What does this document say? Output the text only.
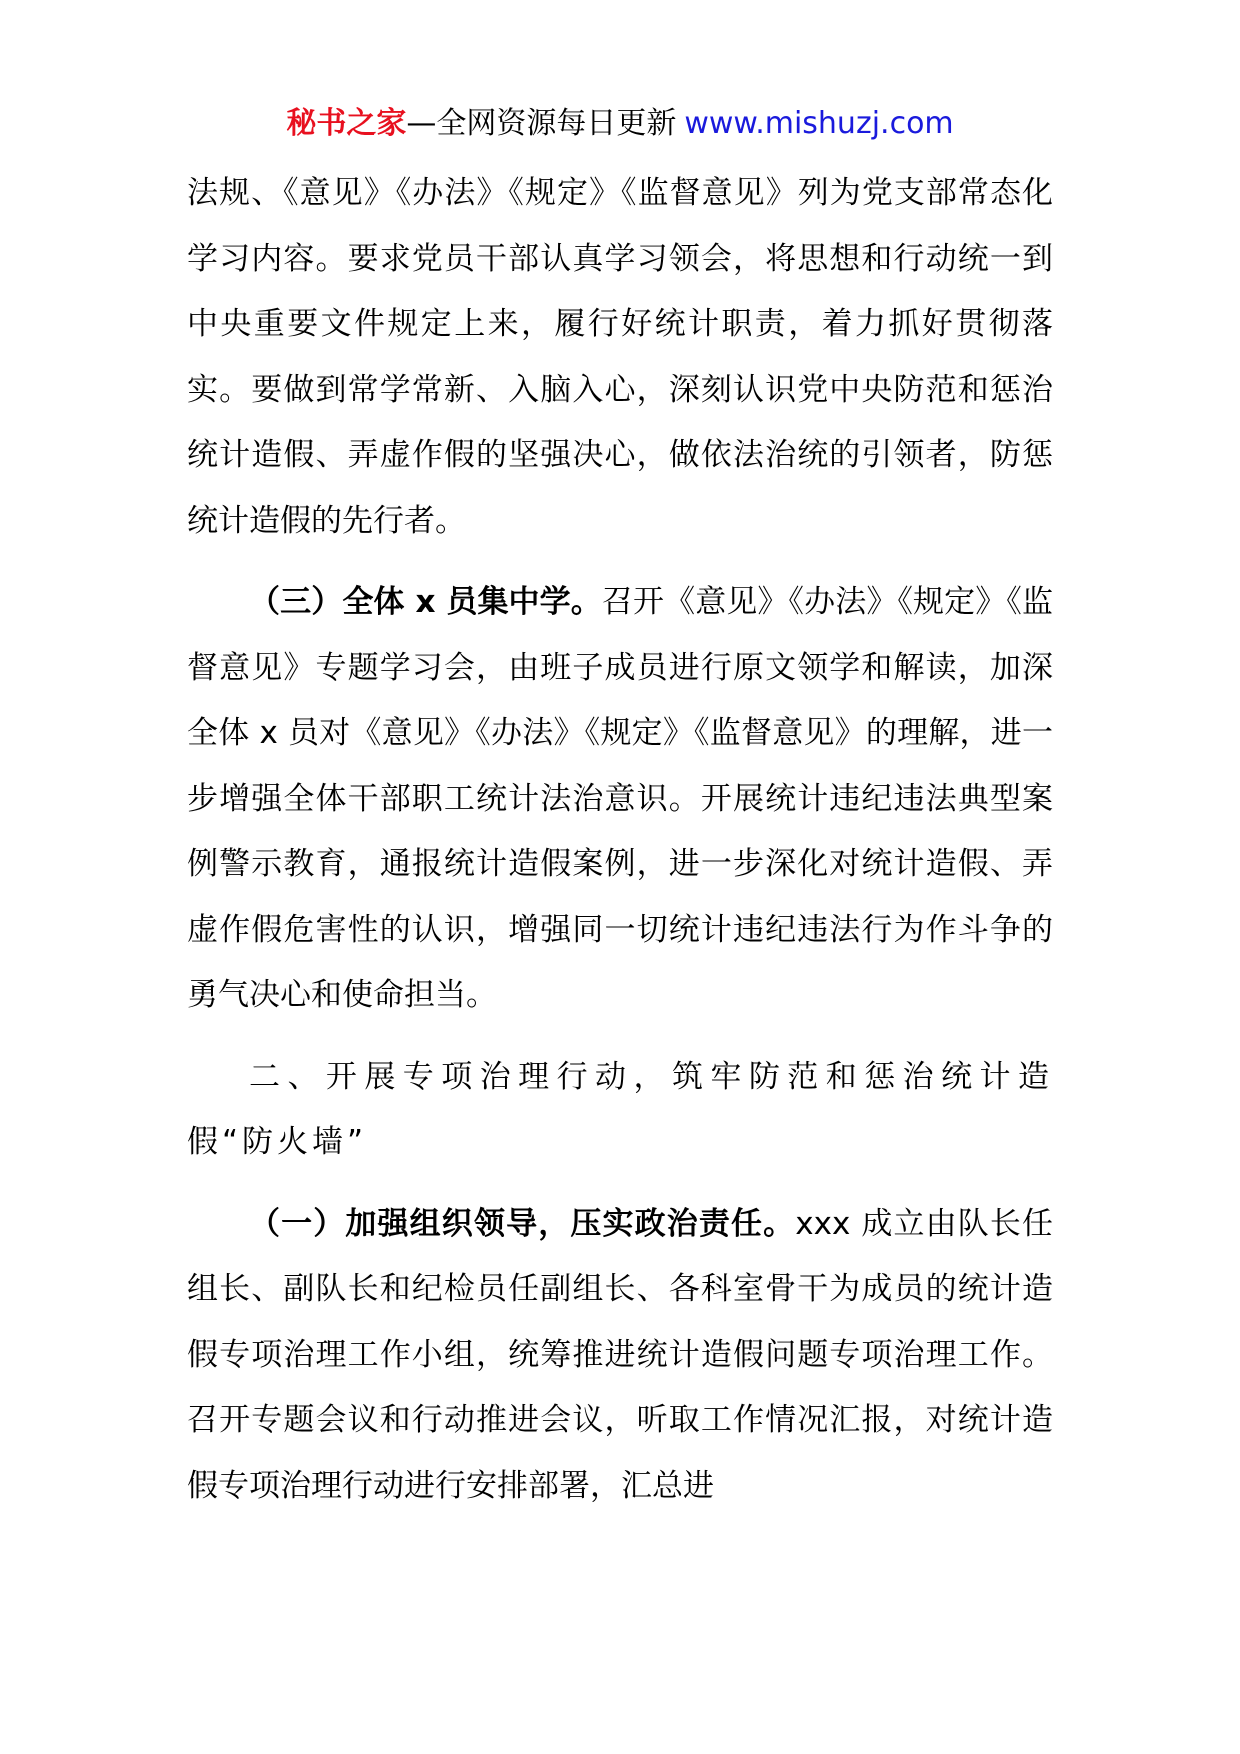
秘书之家—全网资源每日更新 www.mishuzj.com

法规、《意见》《办法》《规定》《监督意见》列为党支部常态化学习内容。要求党员干部认真学习领会，将思想和行动统一到中央重要文件规定上来，履行好统计职责，着力抓好贯彻落实。要做到常学常新、入脑入心，深刻认识党中央防范和惩治统计造假、弄虚作假的坚强决心，做依法治统的引领者，防惩统计造假的先行者。

（三）全体 x 员集中学。召开《意见》《办法》《规定》《监督意见》专题学习会，由班子成员进行原文领学和解读，加深全体 x 员对《意见》《办法》《规定》《监督意见》的理解，进一步增强全体干部职工统计法治意识。开展统计违纪违法典型案例警示教育，通报统计造假案例，进一步深化对统计造假、弄虚作假危害性的认识，增强同一切统计违纪违法行为作斗争的勇气决心和使命担当。

二、开展专项治理行动，筑牢防范和惩治统计造假“防火墙”

（一）加强组织领导，压实政治责任。xxx 成立由队长任组长、副队长和纪检员任副组长、各科室骨干为成员的统计造假专项治理工作小组，统筹推进统计造假问题专项治理工作。召开专题会议和行动推进会议，听取工作情况汇报，对统计造假专项治理行动进行安排部署，汇总进
